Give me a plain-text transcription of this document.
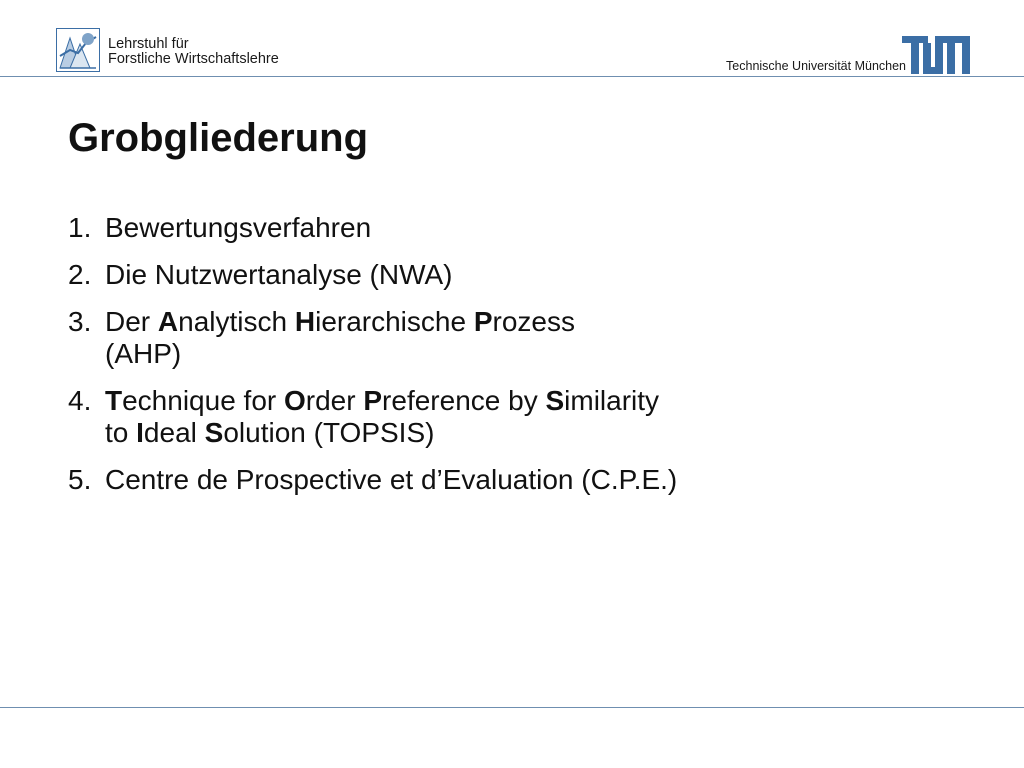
Lehrstuhl für
Forstliche Wirtschaftslehre	Technische Universität München
Grobgliederung
1. Bewertungsverfahren
2. Die Nutzwertanalyse (NWA)
3. Der Analytisch Hierarchische Prozess
(AHP)
4. Technique for Order Preference by Similarity
to Ideal Solution (TOPSIS)
5. Centre de Prospective et d’Evaluation (C.P.E.)
